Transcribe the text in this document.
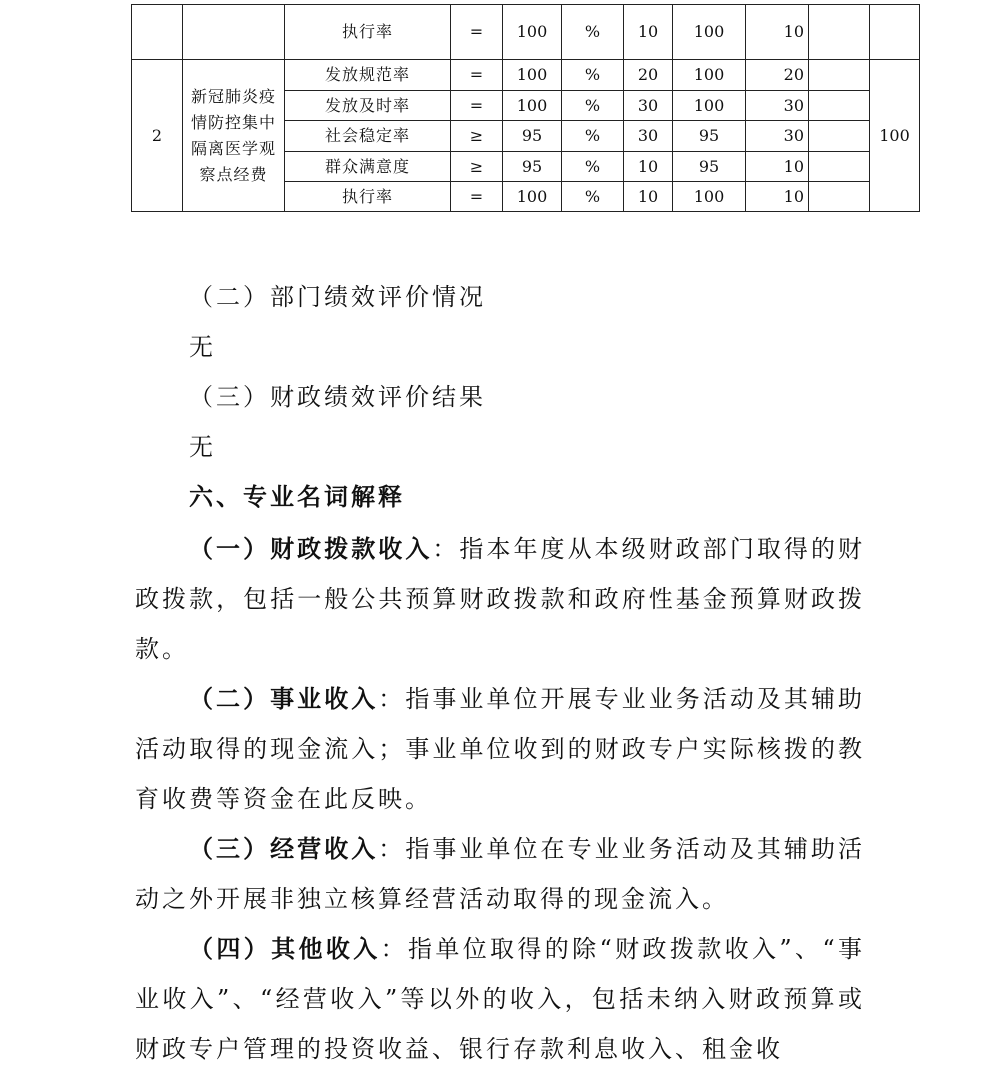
		执行率	=	100	%	10	100	10		
2	新冠肺炎疫情防控集中隔离医学观察点经费	发放规范率	=	100	%	20	100	20		100
		发放及时率	=	100	%	30	100	30		
		社会稳定率	≥	95	%	30	95	30		
		群众满意度	≥	95	%	10	95	10		
		执行率	=	100	%	10	100	10		

（二）部门绩效评价情况

无

（三）财政绩效评价结果

无

六、专业名词解释

（一）财政拨款收入：指本年度从本级财政部门取得的财政拨款，包括一般公共预算财政拨款和政府性基金预算财政拨款。

（二）事业收入：指事业单位开展专业业务活动及其辅助活动取得的现金流入；事业单位收到的财政专户实际核拨的教育收费等资金在此反映。

（三）经营收入：指事业单位在专业业务活动及其辅助活动之外开展非独立核算经营活动取得的现金流入。

（四）其他收入：指单位取得的除“财政拨款收入”、“事业收入”、“经营收入”等以外的收入，包括未纳入财政预算或财政专户管理的投资收益、银行存款利息收入、租金收
